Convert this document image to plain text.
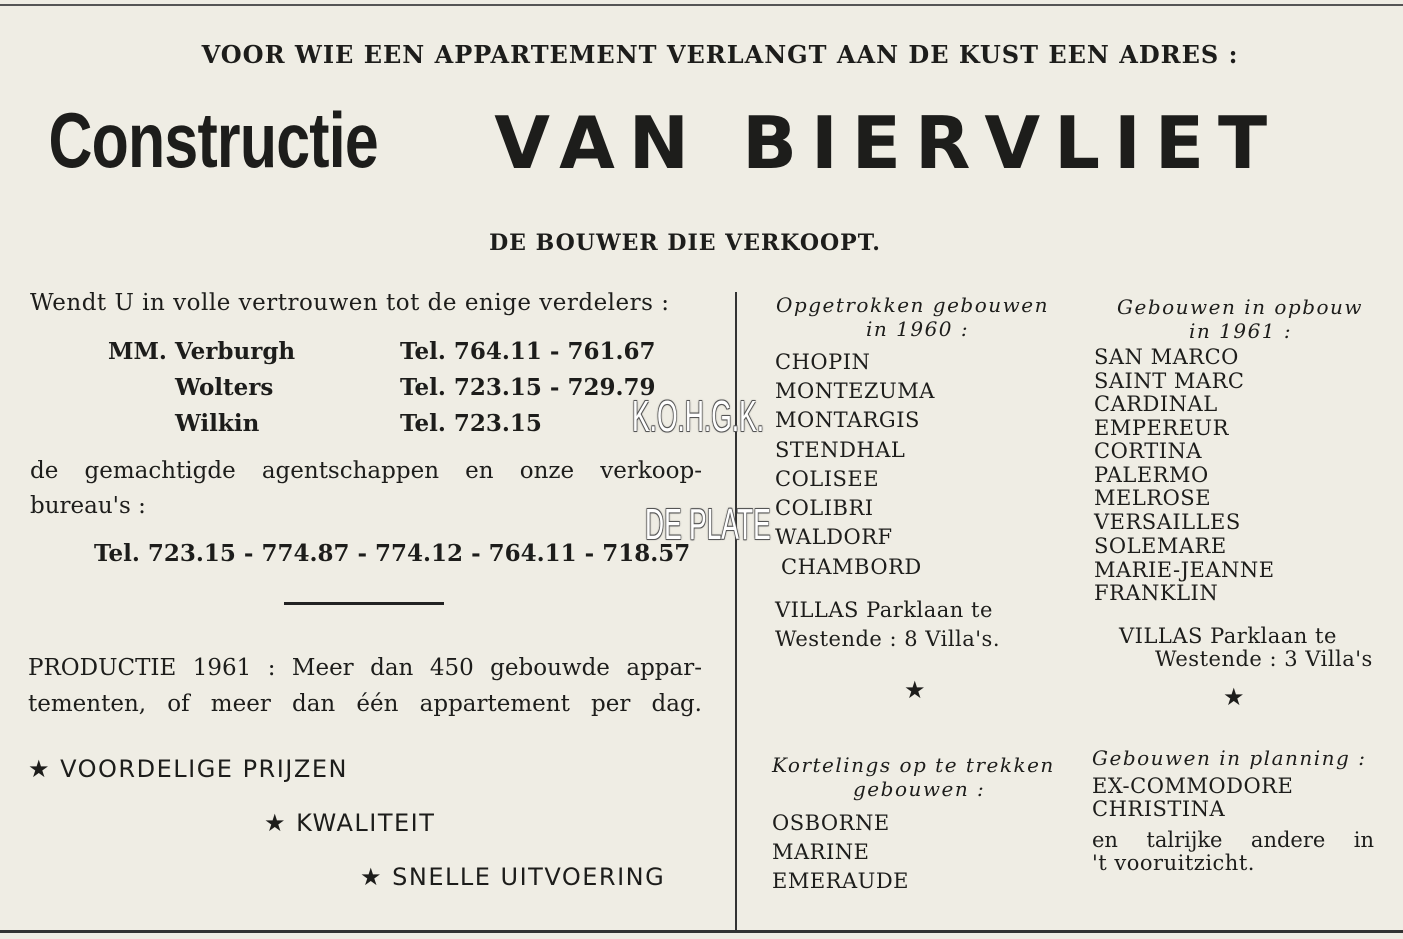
VOOR WIE EEN APPARTEMENT VERLANGT AAN DE KUST EEN ADRES :
Constructie VAN BIERVLIET
DE BOUWER DIE VERKOOPT.
Wendt U in volle vertrouwen tot de enige verdelers :
MM. Verburgh	Tel. 764.11 - 761.67
Wolters	Tel. 723.15 - 729.79
Wilkin	Tel. 723.15
de gemachtigde agentschappen en onze verkoop-
bureau's :
Tel. 723.15 - 774.87 - 774.12 - 764.11 - 718.57
PRODUCTIE 1961 : Meer dan 450 gebouwde appar-
tementen, of meer dan één appartement per dag.
★ VOORDELIGE PRIJZEN
★ KWALITEIT
★ SNELLE UITVOERING
Opgetrokken gebouwen
in 1960 :
CHOPIN
MONTEZUMA
MONTARGIS
STENDHAL
COLISEE
COLIBRI
WALDORF
CHAMBORD
VILLAS Parklaan te
Westende : 8 Villa's.
★
Kortelings op te trekken
gebouwen :
OSBORNE
MARINE
EMERAUDE
Gebouwen in opbouw
in 1961 :
SAN MARCO
SAINT MARC
CARDINAL
EMPEREUR
CORTINA
PALERMO
MELROSE
VERSAILLES
SOLEMARE
MARIE-JEANNE
FRANKLIN
VILLAS Parklaan te
Westende : 3 Villa's
★
Gebouwen in planning :
EX-COMMODORE
CHRISTINA
en talrijke andere in
't vooruitzicht.
K.O.H.G.K.
DE PLATE
